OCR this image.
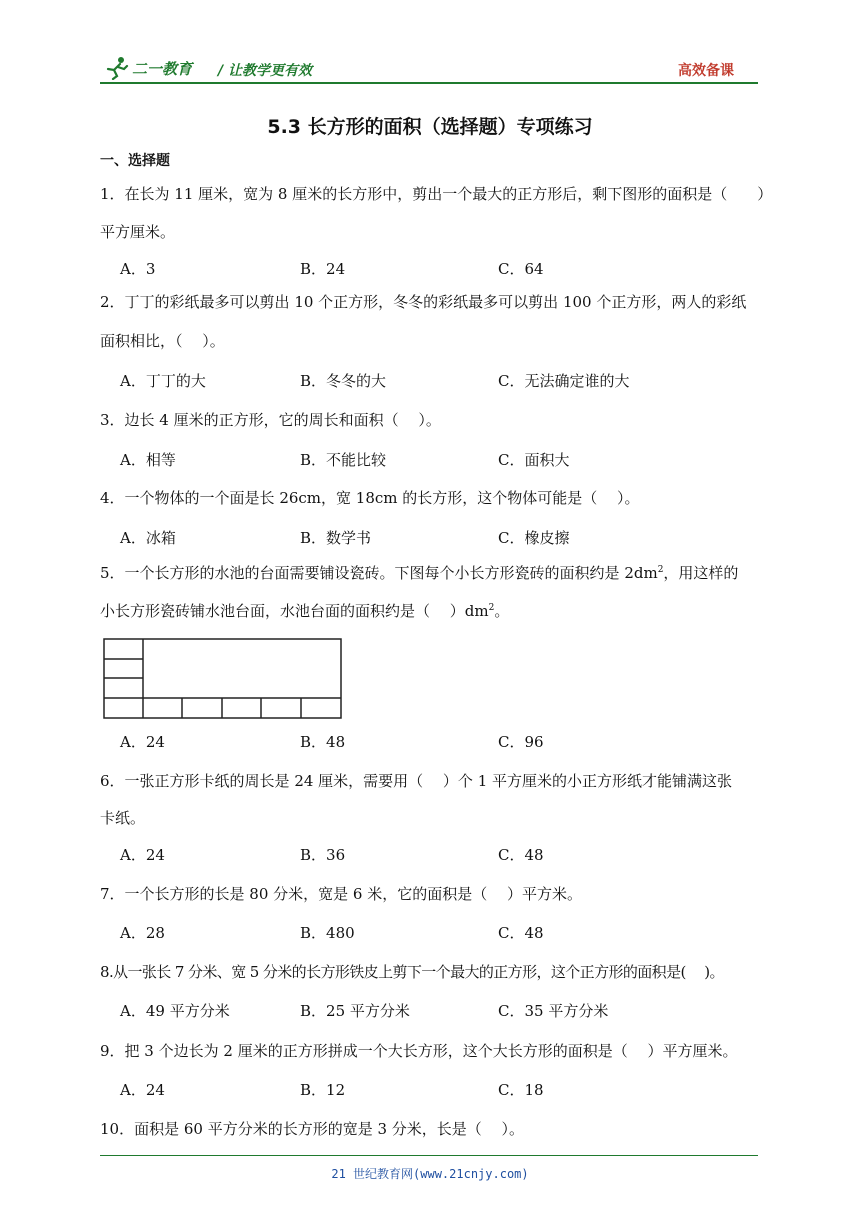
二一教育 / 让教学更有效	高效备课
5.3 长方形的面积（选择题）专项练习
一、选择题
1．在长为 11 厘米，宽为 8 厘米的长方形中，剪出一个最大的正方形后，剩下图形的面积是（　　）
平方厘米。
A．3	B．24	C．64
2．丁丁的彩纸最多可以剪出 10 个正方形，冬冬的彩纸最多可以剪出 100 个正方形，两人的彩纸
面积相比，（　 ）。
A．丁丁的大	B．冬冬的大	C．无法确定谁的大
3．边长 4 厘米的正方形，它的周长和面积（　 ）。
A．相等	B．不能比较	C．面积大
4．一个物体的一个面是长 26cm，宽 18cm 的长方形，这个物体可能是（　 ）。
A．冰箱	B．数学书	C．橡皮擦
5．一个长方形的水池的台面需要铺设瓷砖。下图每个小长方形瓷砖的面积约是 $2dm^2$，用这样的
小长方形瓷砖铺水池台面，水池台面的面积约是（　 ）$dm^2$。
A．24	B．48	C．96
6．一张正方形卡纸的周长是 24 厘米，需要用（　 ）个 1 平方厘米的小正方形纸才能铺满这张
卡纸。
A．24	B．36	C．48
7．一个长方形的长是 80 分米，宽是 6 米，它的面积是（　 ）平方米。
A．28	B．480	C．48
8.从一张长 7 分米、宽 5 分米的长方形铁皮上剪下一个最大的正方形，这个正方形的面积是(　 )。
A．49 平方分米	B．25 平方分米	C．35 平方分米
9．把 3 个边长为 2 厘米的正方形拼成一个大长方形，这个大长方形的面积是（　 ）平方厘米。
A．24	B．12	C．18
10．面积是 60 平方分米的长方形的宽是 3 分米，长是（　 ）。
21 世纪教育网(www.21cnjy.com)
